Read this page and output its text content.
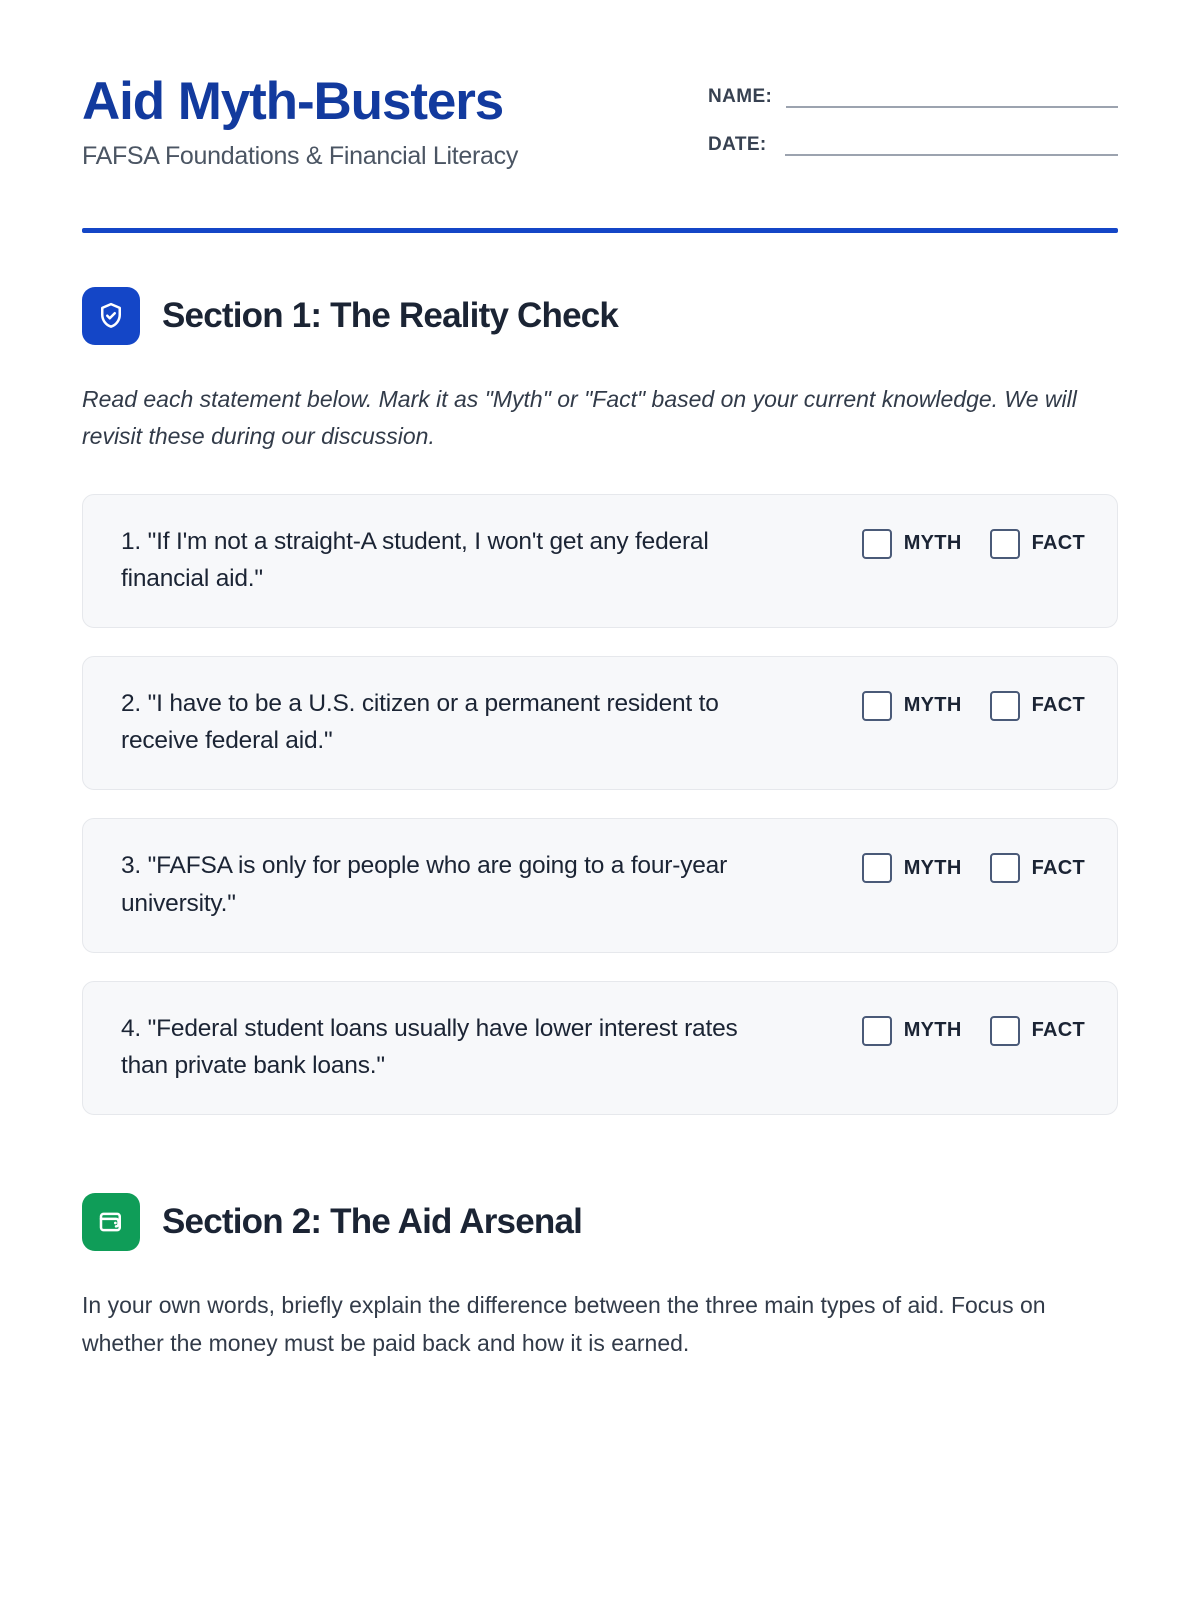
Aid Myth-Busters
FAFSA Foundations & Financial Literacy
NAME:
DATE:
Section 1: The Reality Check
Read each statement below. Mark it as "Myth" or "Fact" based on your current knowledge. We will revisit these during our discussion.
1. "If I'm not a straight-A student, I won't get any federal financial aid."
MYTH	FACT
2. "I have to be a U.S. citizen or a permanent resident to receive federal aid."
MYTH	FACT
3. "FAFSA is only for people who are going to a four-year university."
MYTH	FACT
4. "Federal student loans usually have lower interest rates than private bank loans."
MYTH	FACT
Section 2: The Aid Arsenal
In your own words, briefly explain the difference between the three main types of aid. Focus on whether the money must be paid back and how it is earned.
